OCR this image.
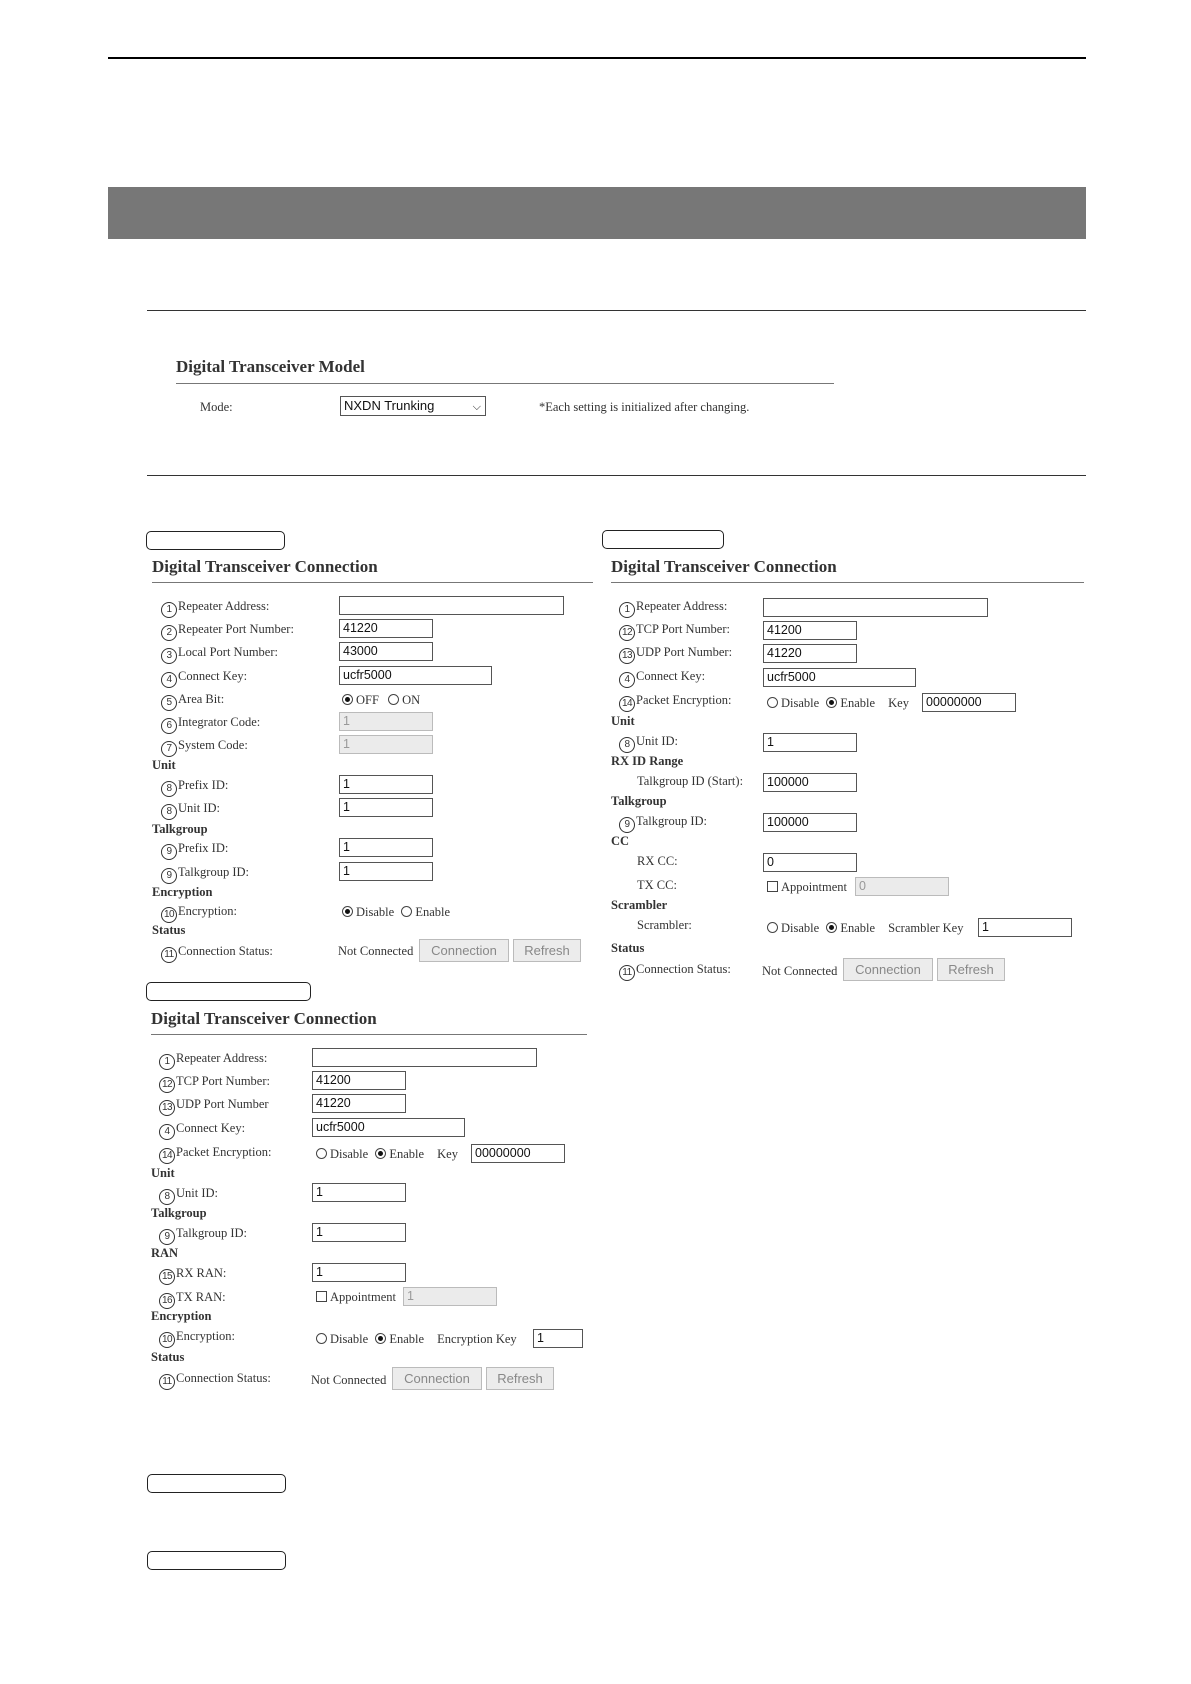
Digital Transceiver Model
Mode:	NXDN Trunking	⌵	*Each setting is initialized after changing.
Digital Transceiver Connection
1 Repeater Address:
2 Repeater Port Number:	41220
3 Local Port Number:	43000
4 Connect Key:	ucfr5000
5 Area Bit:	OFF ON
6 Integrator Code:	1
7 System Code:	1
Unit
8 Prefix ID:	1
8 Unit ID:	1
Talkgroup
9 Prefix ID:	1
9 Talkgroup ID:	1
Encryption
10 Encryption:	Disable Enable
Status
11 Connection Status:	Not Connected	Connection	Refresh
Digital Transceiver Connection
1 Repeater Address:
12 TCP Port Number:	41200
13 UDP Port Number:	41220
4 Connect Key:	ucfr5000
14 Packet Encryption:	Disable Enable Key	00000000
Unit
8 Unit ID:	1
RX ID Range
Talkgroup ID (Start):	100000
Talkgroup
9 Talkgroup ID:	100000
CC
RX CC:	0
TX CC:	Appointment 0
Scrambler
Scrambler:	Disable Enable Scrambler Key	1
Status
11 Connection Status: Not Connected	Connection	Refresh
Digital Transceiver Connection
1 Repeater Address:
12 TCP Port Number:	41200
13 UDP Port Number	41220
4 Connect Key:	ucfr5000
14 Packet Encryption:	Disable Enable Key	00000000
Unit
8 Unit ID:	1
Talkgroup
9 Talkgroup ID:	1
RAN
15 RX RAN:	1
16 TX RAN:	Appointment 1
Encryption
10 Encryption:	Disable Enable Encryption Key	1
Status
11 Connection Status:	Not Connected	Connection	Refresh
